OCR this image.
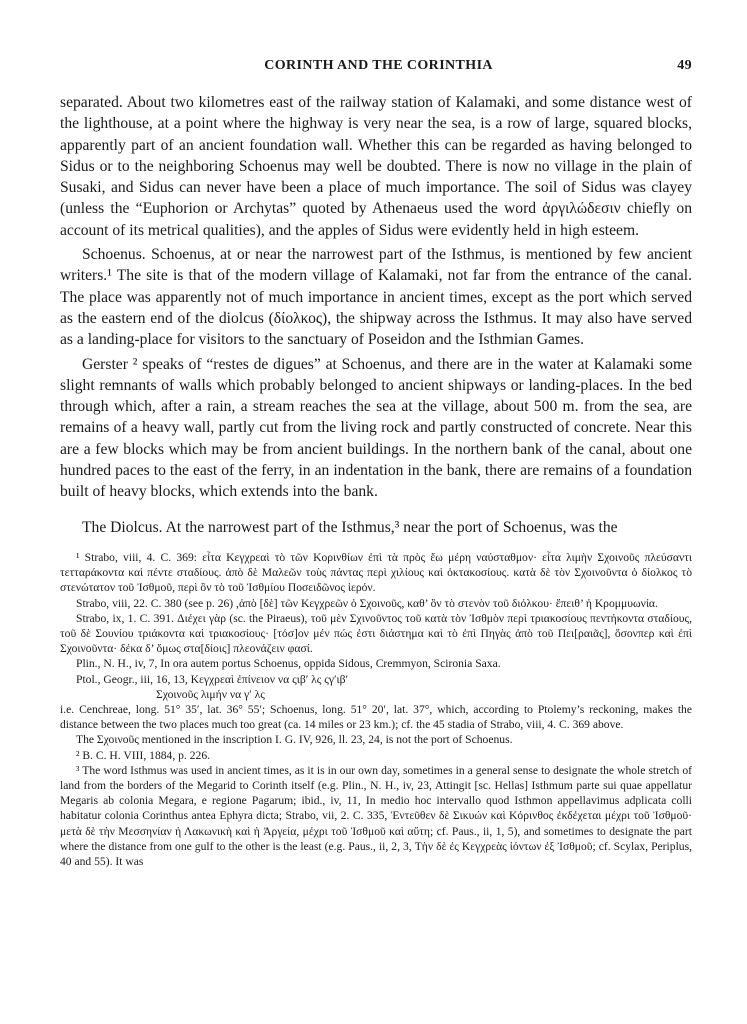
CORINTH AND THE CORINTHIA	49

separated. About two kilometres east of the railway station of Kalamaki, and some distance west of the lighthouse, at a point where the highway is very near the sea, is a row of large, squared blocks, apparently part of an ancient foundation wall. Whether this can be regarded as having belonged to Sidus or to the neighboring Schoenus may well be doubted. There is now no village in the plain of Susaki, and Sidus can never have been a place of much importance. The soil of Sidus was clayey (unless the “Euphorion or Archytas” quoted by Athenaeus used the word ἀργιλώδεσιν chiefly on account of its metrical qualities), and the apples of Sidus were evidently held in high esteem.

Schoenus. Schoenus, at or near the narrowest part of the Isthmus, is mentioned by few ancient writers.¹ The site is that of the modern village of Kalamaki, not far from the entrance of the canal. The place was apparently not of much importance in ancient times, except as the port which served as the eastern end of the diolcus (δίολκος), the shipway across the Isthmus. It may also have served as a landing-place for visitors to the sanctuary of Poseidon and the Isthmian Games.

Gerster ² speaks of “restes de digues” at Schoenus, and there are in the water at Kalamaki some slight remnants of walls which probably belonged to ancient shipways or landing-places. In the bed through which, after a rain, a stream reaches the sea at the village, about 500 m. from the sea, are remains of a heavy wall, partly cut from the living rock and partly constructed of concrete. Near this are a few blocks which may be from ancient buildings. In the northern bank of the canal, about one hundred paces to the east of the ferry, in an indentation in the bank, there are remains of a foundation built of heavy blocks, which extends into the bank.

The Diolcus. At the narrowest part of the Isthmus,³ near the port of Schoenus, was the

¹ Strabo, viii, 4. C. 369: εἶτα Κεγχρεαὶ τὸ τῶν Κορινθίων ἐπὶ τὰ πρὸς ἔω μέρη ναύσταθμον· εἶτα λιμὴν Σχοινοῦς πλεύσαντι τετταράκοντα καὶ πέντε σταδίους. ἀπὸ δὲ Μαλεῶν τοὺς πάντας περὶ χιλίους καὶ ὀκτακοσίους. κατὰ δὲ τὸν Σχοινοῦντα ὁ δίολκος τὸ στενώτατον τοῦ Ἰσθμοῦ, περὶ ὃν τὸ τοῦ Ἰσθμίου Ποσειδῶνος ἱερόν.

Strabo, viii, 22. C. 380 (see p. 26) ,ἀπὸ [δὲ] τῶν Κεγχρεῶν ὁ Σχοινοῦς, καθ’ ὃν τὸ στενὸν τοῦ διόλκου· ἔπειθ’ ἡ Κρομμυωνία.

Strabo, ix, 1. C. 391. Διέχει γὰρ (sc. the Piraeus), τοῦ μὲν Σχινοῦντος τοῦ κατὰ τὸν Ἰσθμὸν περὶ τριακοσίους πεντήκοντα σταδίους, τοῦ δὲ Σουνίου τριάκοντα καὶ τριακοσίους· [τόσ]ον μέν πώς ἐστι διάστημα καὶ τὸ ἐπὶ Πηγὰς ἀπὸ τοῦ Πει[ραιᾶς], ὅσονπερ καὶ ἐπὶ Σχοινοῦντα· δέκα δ’ ὅμως στα[δίοις] πλεονάζειν φασί.

Plin., N. H., iv, 7, In ora autem portus Schoenus, oppida Sidous, Cremmyon, Scironia Saxa.

Ptol., Geogr., iii, 16, 13, Κεγχρεαὶ ἐπίνειον να ςιβ′ λς ςγ′ιβ′

Σχοινοῦς λιμήν να γ′ λς

i.e. Cenchreae, long. 51° 35′, lat. 36° 55′; Schoenus, long. 51° 20′, lat. 37°, which, according to Ptolemy’s reckoning, makes the distance between the two places much too great (ca. 14 miles or 23 km.); cf. the 45 stadia of Strabo, viii, 4. C. 369 above.

The Σχοινοῦς mentioned in the inscription I. G. IV, 926, ll. 23, 24, is not the port of Schoenus.

² B. C. H. VIII, 1884, p. 226.

³ The word Isthmus was used in ancient times, as it is in our own day, sometimes in a general sense to designate the whole stretch of land from the borders of the Megarid to Corinth itself (e.g. Plin., N. H., iv, 23, Attingit [sc. Hellas] Isthmum parte sui quae appellatur Megaris ab colonia Megara, e regione Pagarum; ibid., iv, 11, In medio hoc intervallo quod Isthmon appellavimus adplicata colli habitatur colonia Corinthus antea Ephyra dicta; Strabo, vii, 2. C. 335, Ἐντεῦθεν δὲ Σικυών καὶ Κόρινθος ἐκδέχεται μέχρι τοῦ Ἰσθμοῦ· μετὰ δὲ τὴν Μεσσηνίαν ἡ Λακωνικὴ καὶ ἡ Ἀργεία, μέχρι τοῦ Ἰσθμοῦ καὶ αὕτη; cf. Paus., ii, 1, 5), and sometimes to designate the part where the distance from one gulf to the other is the least (e.g. Paus., ii, 2, 3, Τὴν δὲ ἐς Κεγχρεὰς ἰόντων ἐξ Ἰσθμοῦ; cf. Scylax, Periplus, 40 and 55). It was
